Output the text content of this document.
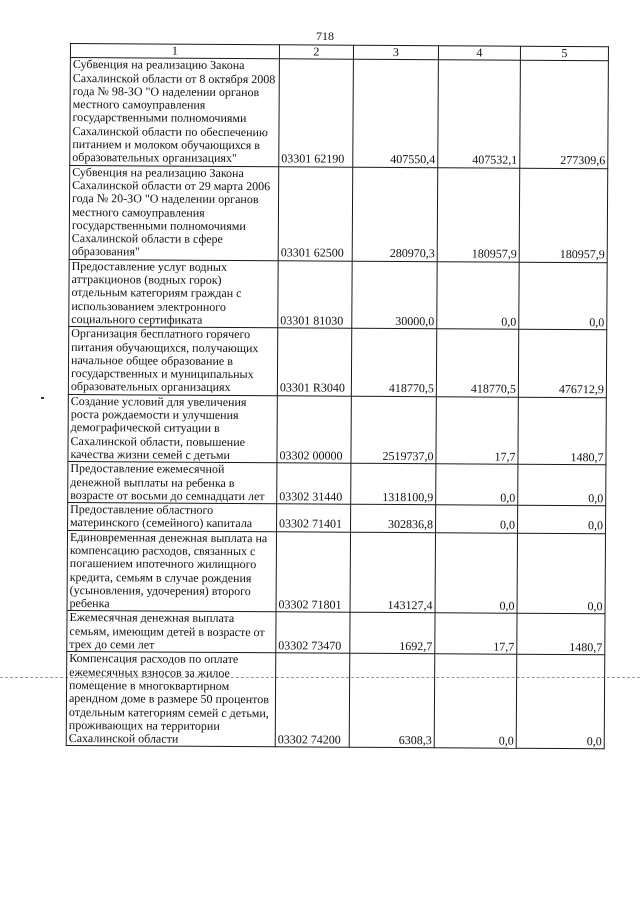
718
1	2	3	4	5
Субвенция на реализацию Закона Сахалинской области от 8 октября 2008 года № 98-ЗО "О наделении органов местного самоуправления государственными полномочиями Сахалинской области по обеспечению питанием и молоком обучающихся в образовательных организациях"	03301 62190	407550,4	407532,1	277309,6
Субвенция на реализацию Закона Сахалинской области от 29 марта 2006 года № 20-ЗО "О наделении органов местного самоуправления государственными полномочиями Сахалинской области в сфере образования"	03301 62500	280970,3	180957,9	180957,9
Предоставление услуг водных аттракционов (водных горок) отдельным категориям граждан с использованием электронного социального сертификата	03301 81030	30000,0	0,0	0,0
Организация бесплатного горячего питания обучающихся, получающих начальное общее образование в государственных и муниципальных образовательных организациях	03301 R3040	418770,5	418770,5	476712,9
Создание условий для увеличения роста рождаемости и улучшения демографической ситуации в Сахалинской области, повышение качества жизни семей с детьми	03302 00000	2519737,0	17,7	1480,7
Предоставление ежемесячной денежной выплаты на ребенка в возрасте от восьми до семнадцати лет	03302 31440	1318100,9	0,0	0,0
Предоставление областного материнского (семейного) капитала	03302 71401	302836,8	0,0	0,0
Единовременная денежная выплата на компенсацию расходов, связанных с погашением ипотечного жилищного кредита, семьям в случае рождения (усыновления, удочерения) второго ребенка	03302 71801	143127,4	0,0	0,0
Ежемесячная денежная выплата семьям, имеющим детей в возрасте от трех до семи лет	03302 73470	1692,7	17,7	1480,7
Компенсация расходов по оплате ежемесячных взносов за жилое помещение в многоквартирном арендном доме в размере 50 процентов отдельным категориям семей с детьми, проживающих на территории Сахалинской области	03302 74200	6308,3	0,0	0,0
